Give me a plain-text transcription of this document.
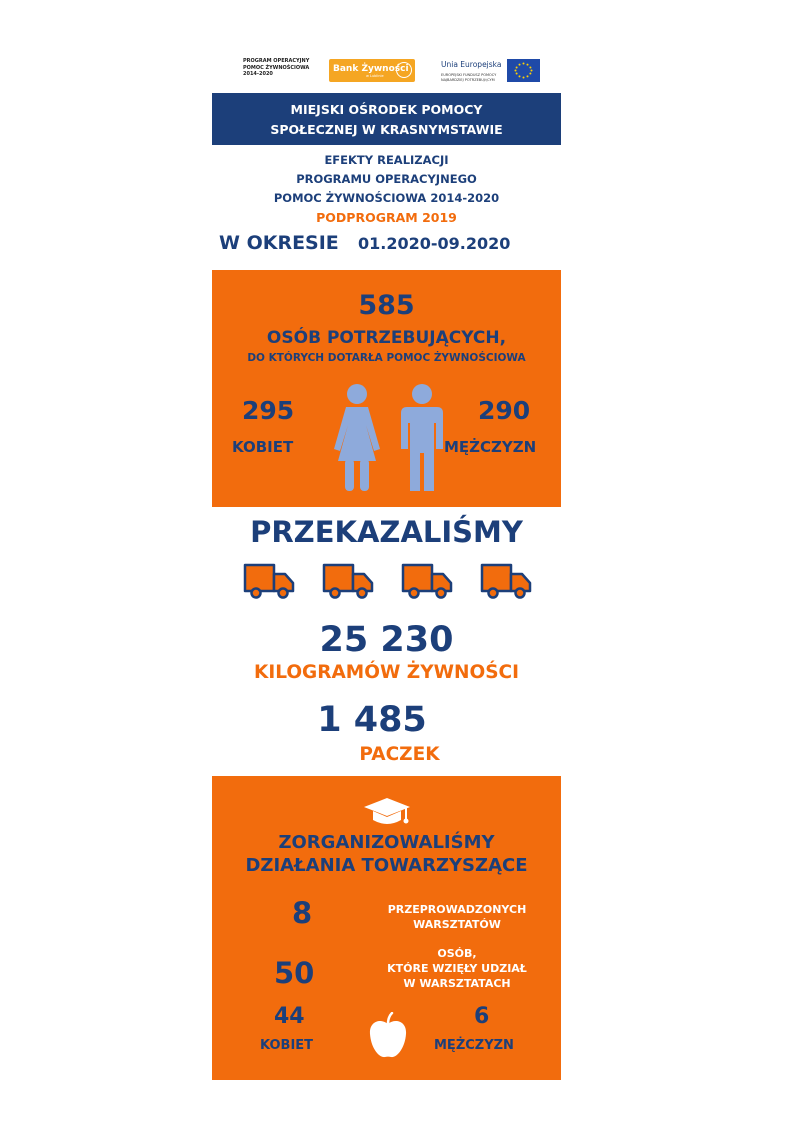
PROGRAM OPERACYJNY
POMOC ŻYWNOŚCIOWA
2014-2020	Bank Żywności
w Lublinie
Unia Europejska
EUROPEJSKI FUNDUSZ POMOCY NAJBARDZIEJ POTRZEBUJĄCYM
MIEJSKI OŚRODEK POMOCY
SPOŁECZNEJ W KRASNYMSTAWIE
EFEKTY REALIZACJI
PROGRAMU OPERACYJNEGO
POMOC ŻYWNOŚCIOWA 2014-2020
PODPROGRAM 2019
W OKRESIE 01.2020-09.2020
585
OSÓB POTRZEBUJĄCYCH,
DO KTÓRYCH DOTARŁA POMOC ŻYWNOŚCIOWA
295
KOBIET
290
MĘŻCZYZN
PRZEKAZALIŚMY
25 230
KILOGRAMÓW ŻYWNOŚCI
1 485
PACZEK
ZORGANIZOWALIŚMY
DZIAŁANIA TOWARZYSZĄCE
8	PRZEPROWADZONYCH
WARSZTATÓW
50
OSÓB,
KTÓRE WZIĘŁY UDZIAŁ
W WARSZTATACH
44
KOBIET
6
MĘŻCZYZN
